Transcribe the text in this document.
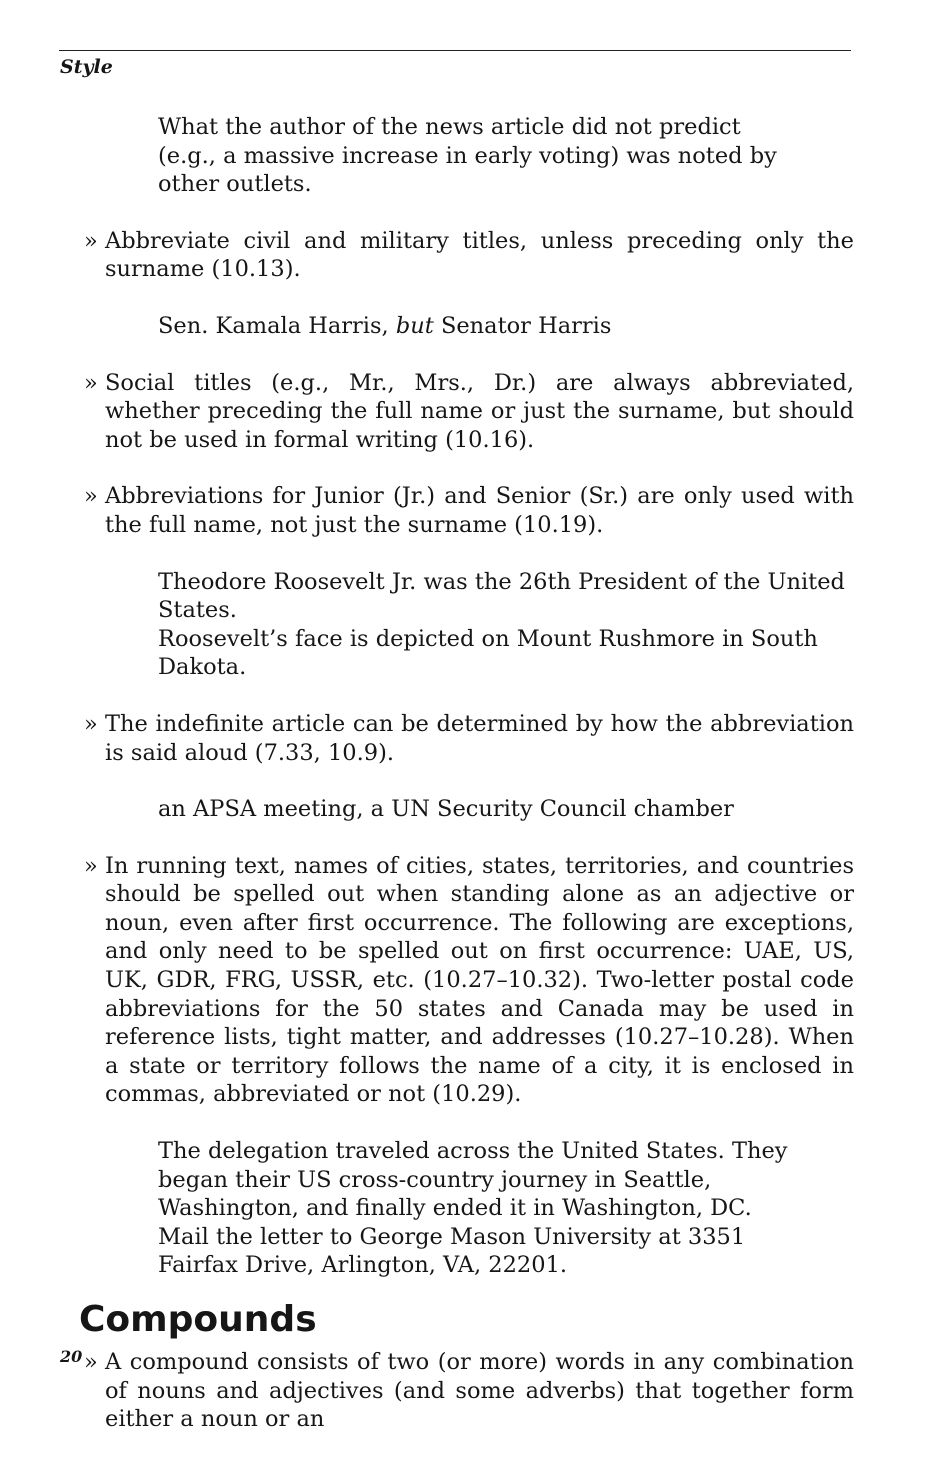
Style
What the author of the news article did not predict (e.g., a massive increase in early voting) was noted by other outlets.
» Abbreviate civil and military titles, unless preceding only the surname (10.13).
Sen. Kamala Harris, but Senator Harris
» Social titles (e.g., Mr., Mrs., Dr.) are always abbreviated, whether preceding the full name or just the surname, but should not be used in formal writing (10.16).
» Abbreviations for Junior (Jr.) and Senior (Sr.) are only used with the full name, not just the surname (10.19).
Theodore Roosevelt Jr. was the 26th President of the United States.
Roosevelt’s face is depicted on Mount Rushmore in South Dakota.
» The indefinite article can be determined by how the abbreviation is said aloud (7.33, 10.9).
an APSA meeting, a UN Security Council chamber
» In running text, names of cities, states, territories, and countries should be spelled out when standing alone as an adjective or noun, even after first occurrence. The following are exceptions, and only need to be spelled out on first occurrence: UAE, US, UK, GDR, FRG, USSR, etc. (10.27–10.32). Two-letter postal code abbreviations for the 50 states and Canada may be used in reference lists, tight matter, and addresses (10.27–10.28). When a state or territory follows the name of a city, it is enclosed in commas, abbreviated or not (10.29).
The delegation traveled across the United States. They began their US cross-country journey in Seattle, Washington, and finally ended it in Washington, DC.
Mail the letter to George Mason University at 3351 Fairfax Drive, Arlington, VA, 22201.
Compounds
» A compound consists of two (or more) words in any combination of nouns and adjectives (and some adverbs) that together form either a noun or an
20
